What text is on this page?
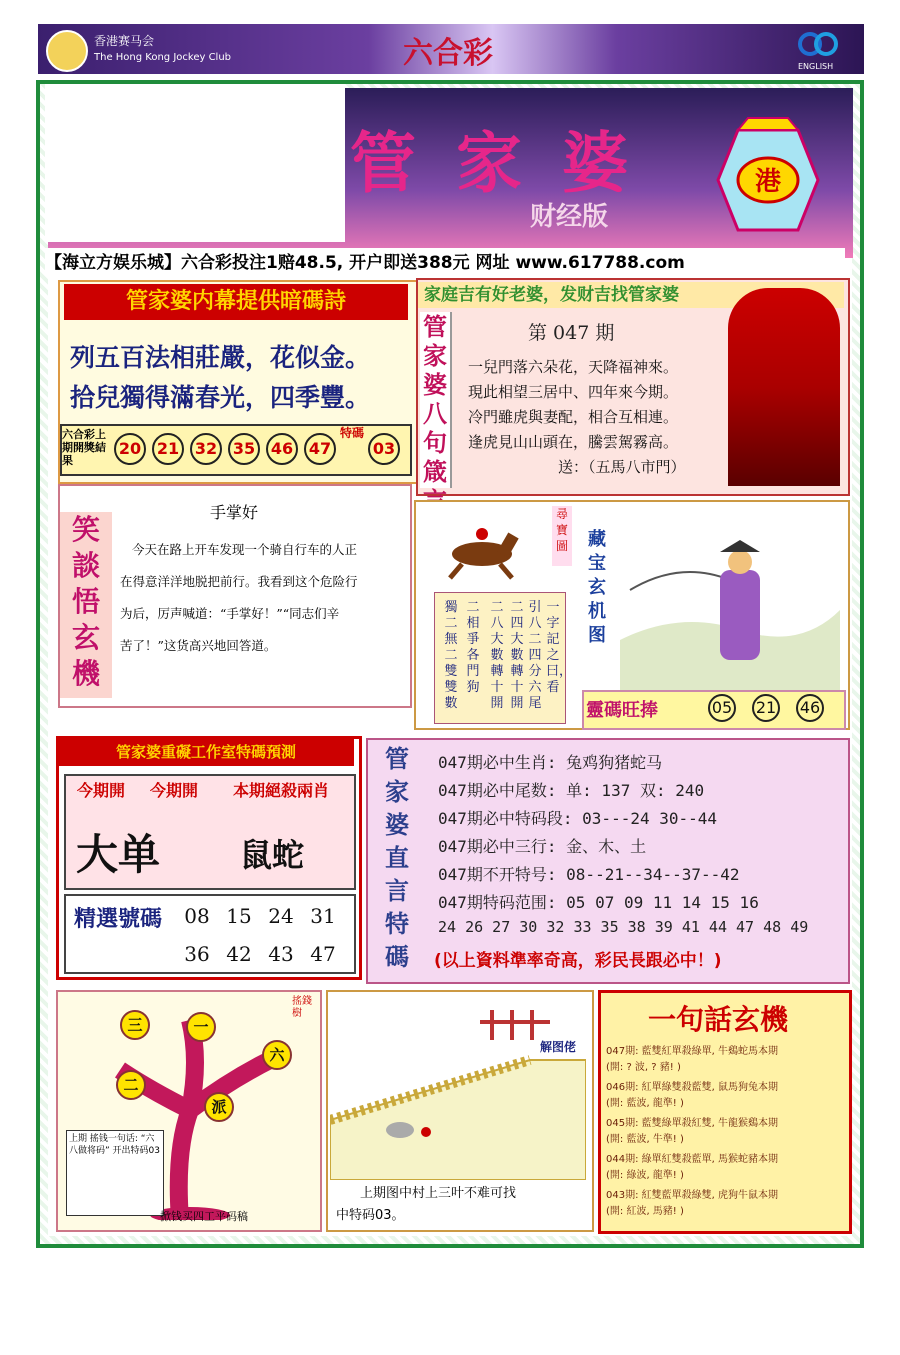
香港赛马会
The Hong Kong Jockey Club	六合彩	ENGLISH
管家婆
财经版
港
【海立方娱乐城】六合彩投注1赔48.5, 开户即送388元 网址 www.617788.com
管家婆内幕提供暗碼詩
列五百法相莊嚴，花似金。
拾兒獨得滿春光，四季豐。
六合彩上期開獎結果
20 21 32 35 46 47
特碼
03
家庭吉有好老婆，发财吉找管家婆
管家婆八句箴
第 047 期
一兒門落六朵花，天降福神來。
現此相望三居中、四年來今期。
冷門雖虎與妻配，相合互相連。
逢虎見山山頭在，騰雲駕霧高。
送：（五馬八市門）
笑談悟玄機
手掌好
今天在路上开车发现一个骑自行车的人正
在得意洋洋地脱把前行。我看到这个危险行
为后，厉声喊道：“手掌好！”“同志们辛
苦了！”这货高兴地回答道。
一字記之曰，看
引八二四分六尾
二四大數轉十開
二八大數轉十開
二相爭各門狗
獨二無二雙雙數
尋寶圖 藏宝玄机图
靈碼旺捧	05 21 46
管家婆重礙工作室特碼預測
今期開	今期開	本期絕殺兩肖
大单 鼠蛇
精選號碼	08 15 24 31
36 42 43 47
管家婆直言特碼
047期必中生肖: 兔鸡狗猪蛇马
047期必中尾数: 单: 137 双: 240
047期必中特码段: 03---24 30--44
047期必中三行: 金、木、土
047期不开特号: 08--21--34--37--42
047期特码范围: 05 07 09 11 14 15 16
24 26 27 30 32 33 35 38 39 41 44 47 48 49
(以上資料準率奇高，彩民長跟必中！)
三	一
二
六
派
搖錢樹
上期 搖钱一句话: “六八做将码” 开出特码03
掀钱买四工平码稿
解图佬
上期图中村上三叶不难可找
中特码03。
一句話玄機
047期: 藍雙紅單殺綠單, 牛鷄蛇馬本期
(開: ? 波, ? 豬! )
046期: 紅單綠雙殺藍雙, 鼠馬狗兔本期
(開: 藍波, 龍準! )
045期: 藍雙綠單殺紅雙, 牛龍猴鷄本期
(開: 藍波, 牛準! )
044期: 綠單紅雙殺藍單, 馬猴蛇豬本期
(開: 綠波, 龍準! )
043期: 紅雙藍單殺綠雙, 虎狗牛鼠本期
(開: 紅波, 馬豬! )
